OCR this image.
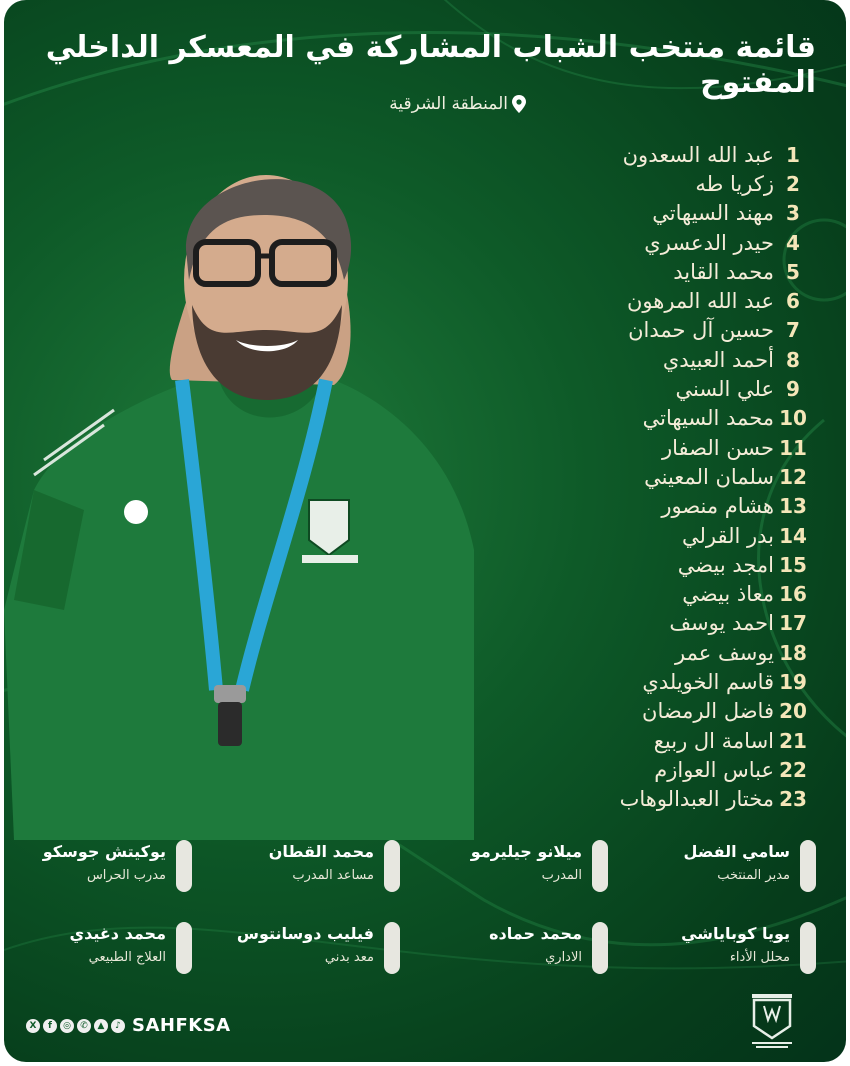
قائمة منتخب الشباب المشاركة في المعسكر الداخلي المفتوح
المنطقة الشرقية
1
عبد الله السعدون
2
زكريا طه
3
مهند السيهاتي
4
حيدر الدعسري
5
محمد القايد
6
عبد الله المرهون
7
حسين آل حمدان
8
أحمد العبيدي
9
علي السني
10
محمد السيهاتي
11
حسن الصفار
12
سلمان المعيني
13
هشام منصور
14
بدر القرلي
15
امجد بيضي
16
معاذ بيضي
17
احمد يوسف
18
يوسف عمر
19
قاسم الخويلدي
20
فاضل الرمضان
21
اسامة ال ربيع
22
عباس العوازم
23
مختار العبدالوهاب
سامي الفضل
مدير المنتخب
ميلانو جيليرمو
المدرب
محمد القطان
مساعد المدرب
يوكيتش جوسكو
مدرب الحراس
يويا كوباياشي
محلل الأداء
محمد حماده
الاداري
فيليب دوسانتوس
معد بدني
محمد دغيدي
العلاج الطبيعي
X	f	◎	✆	▲	♪ SAHFKSA
